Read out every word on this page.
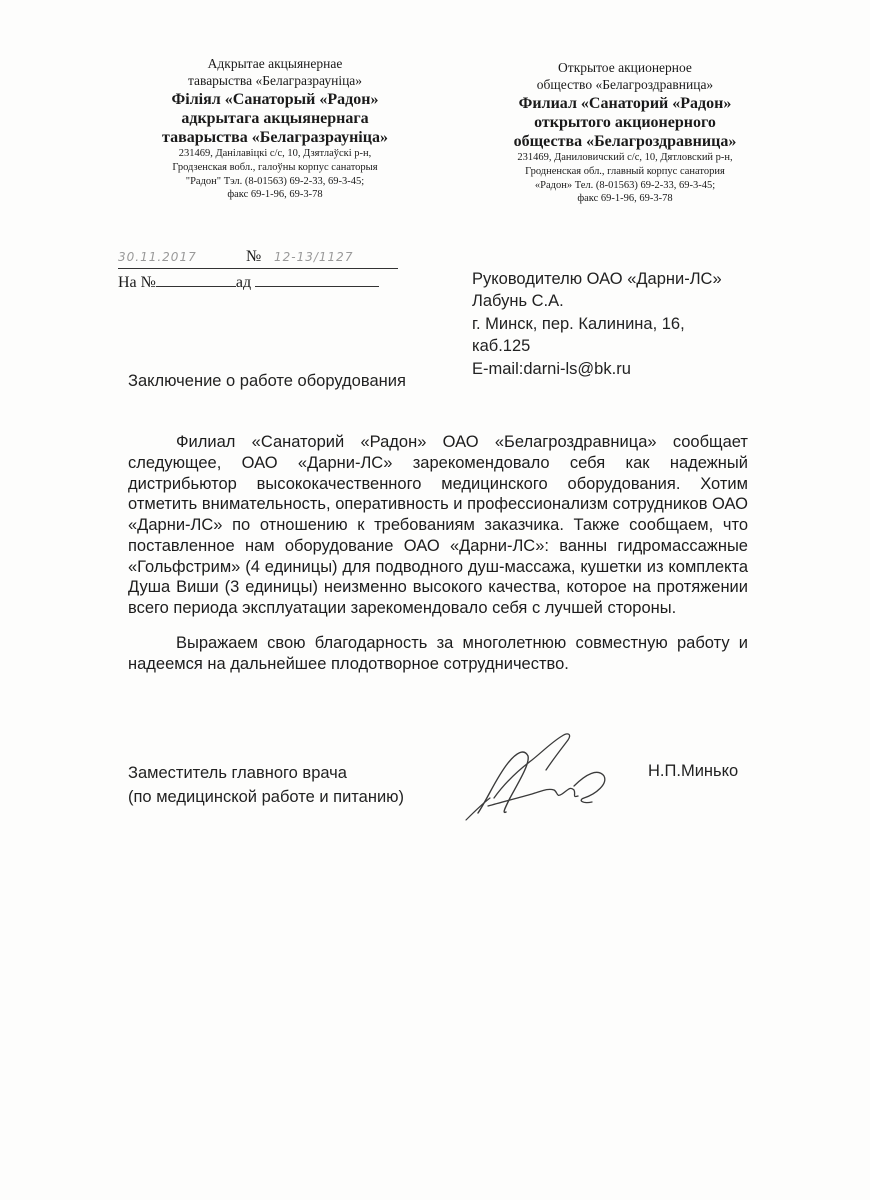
Адкрытае акцыянернае
таварыства «Белагразрауніца»
Філіял «Санаторый «Радон»
адкрытага акцыянернага
таварыства «Белагразрауніца»
231469, Данілавіцкі с/с, 10, Дзятлаўскі р-н,
Гродзенская вобл., галоўны корпус санаторыя
"Радон" Тэл. (8-01563) 69-2-33, 69-3-45;
факс 69-1-96, 69-3-78
Открытое акционерное
общество «Белагроздравница»
Филиал «Санаторий «Радон»
открытого акционерного
общества «Белагроздравница»
231469, Даниловичский с/с, 10, Дятловский р-н,
Гродненская обл., главный корпус санатория
«Радон» Тел. (8-01563) 69-2-33, 69-3-45;
факс 69-1-96, 69-3-78
30.11.2017	№ 12-13/1127
На №	ад	Руководителю ОАО «Дарни-ЛС»
Лабунь С.А.
г. Минск, пер. Калинина, 16,
каб.125
E-mail:darni-ls@bk.ru
Заключение о работе оборудования

Филиал «Санаторий «Радон» ОАО «Белагроздравница» сообщает следующее, ОАО «Дарни-ЛС» зарекомендовало себя как надежный дистрибьютор высококачественного медицинского оборудования. Хотим отметить внимательность, оперативность и профессионализм сотрудников ОАО «Дарни-ЛС» по отношению к требованиям заказчика. Также сообщаем, что поставленное нам оборудование ОАО «Дарни-ЛС»: ванны гидромассажные «Гольфстрим» (4 единицы) для подводного душ-массажа, кушетки из комплекта Душа Виши (3 единицы) неизменно высокого качества, которое на протяжении всего периода эксплуатации зарекомендовало себя с лучшей стороны.

Выражаем свою благодарность за многолетнюю совместную работу и надеемся на дальнейшее плодотворное сотрудничество.

Заместитель главного врача
(по медицинской работе и питанию)
Н.П.Минько
